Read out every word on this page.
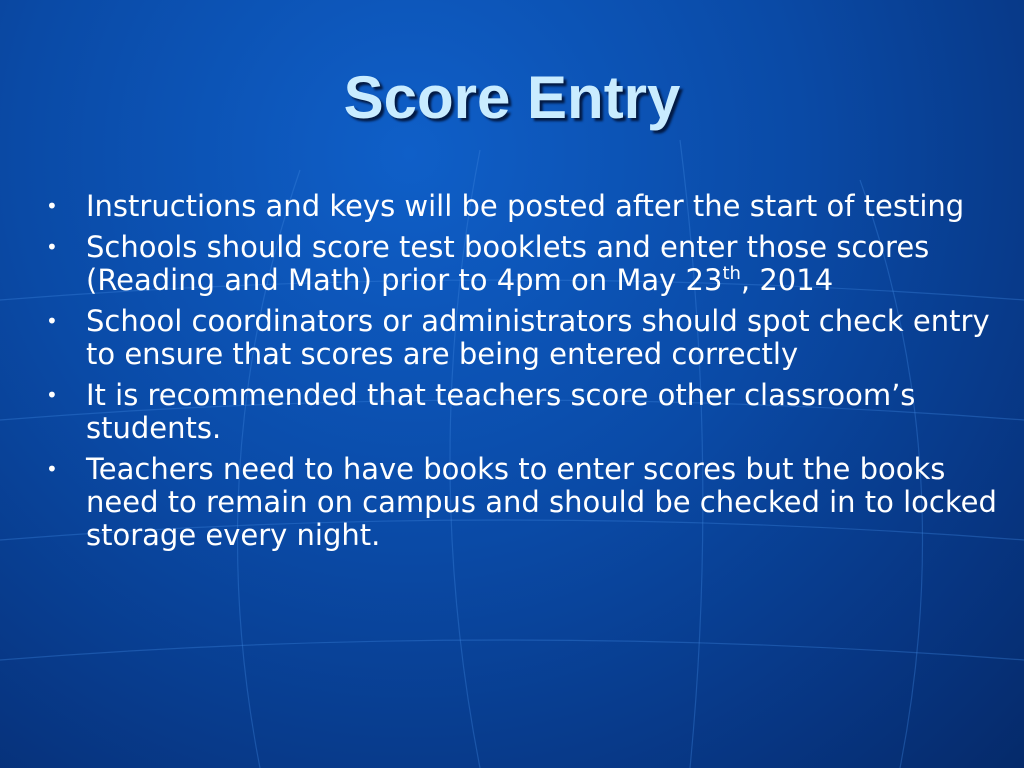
Score Entry
• Instructions and keys will be posted after the start of testing
• Schools should score test booklets and enter those scores (Reading and Math) prior to 4pm on May 23th, 2014
• School coordinators or administrators should spot check entry to ensure that scores are being entered correctly
• It is recommended that teachers score other classroom’s students.
• Teachers need to have books to enter scores but the books need to remain on campus and should be checked in to locked storage every night.
